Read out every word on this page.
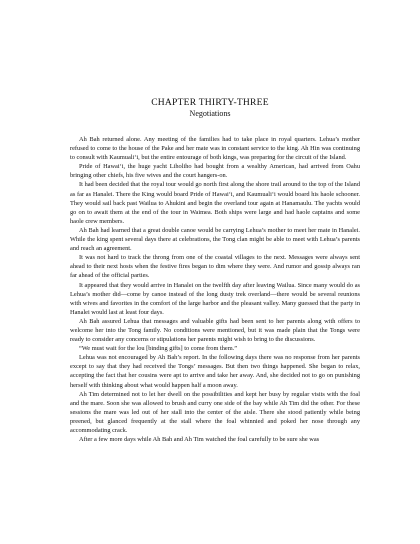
CHAPTER THIRTY-THREE
Negotiations

Ah Bah returned alone. Any meeting of the families had to take place in royal quarters. Lehua’s mother refused to come to the house of the Pake and her mate was in constant service to the king. Ah Hin was continuing to consult with Kaumuali‘i, but the entire entourage of both kings, was preparing for the circuit of the Island.

Pride of Hawai‘i, the huge yacht Liholiho had bought from a wealthy American, had arrived from Oahu bringing other chiefs, his five wives and the court hangers-on.

It had been decided that the royal tour would go north first along the shore trail around to the top of the Island as far as Hanalei. There the King would board Pride of Hawai‘i, and Kaumuali‘i would board his haole schooner. They would sail back past Wailua to Ahukini and begin the overland tour again at Hanamaulu. The yachts would go on to await them at the end of the tour in Waimea. Both ships were large and had haole captains and some haole crew members.

Ah Bah had learned that a great double canoe would be carrying Lehua’s mother to meet her mate in Hanalei. While the king spent several days there at celebrations, the Tong clan might be able to meet with Lehua’s parents and reach an agreement.

It was not hard to track the throng from one of the coastal villages to the next. Messages were always sent ahead to their next hosts when the festive fires began to dim where they were. And rumor and gossip always ran far ahead of the official parties.

It appeared that they would arrive in Hanalei on the twelfth day after leaving Wailua. Since many would do as Lehua’s mother did—come by canoe instead of the long dusty trek overland—there would be several reunions with wives and favorites in the comfort of the large harbor and the pleasant valley. Many guessed that the party in Hanalei would last at least four days.

Ah Bah assured Lehua that messages and valuable gifts had been sent to her parents along with offers to welcome her into the Tong family. No conditions were mentioned, but it was made plain that the Tongs were ready to consider any concerns or stipulations her parents might wish to bring to the discussions.

“We must wait for the lou [binding gifts] to come from them.”

Lehua was not encouraged by Ah Bah’s report. In the following days there was no response from her parents except to say that they had received the Tongs’ messages. But then two things happened. She began to relax, accepting the fact that her cousins were apt to arrive and take her away. And, she decided not to go on punishing herself with thinking about what would happen half a moon away.

Ah Tim determined not to let her dwell on the possibilities and kept her busy by regular visits with the foal and the mare. Soon she was allowed to brush and curry one side of the bay while Ah Tim did the other. For these sessions the mare was led out of her stall into the center of the aisle. There she stood patiently while being preened, but glanced frequently at the stall where the foal whinnied and poked her nose through any accommodating crack.

After a few more days while Ah Bah and Ah Tim watched the foal carefully to be sure she was
